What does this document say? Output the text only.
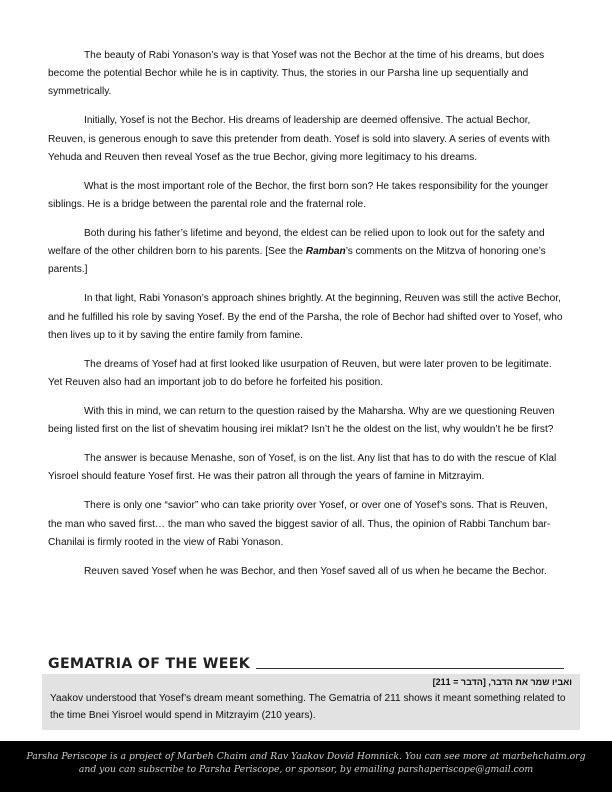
The beauty of Rabi Yonason’s way is that Yosef was not the Bechor at the time of his dreams, but does become the potential Bechor while he is in captivity. Thus, the stories in our Parsha line up sequentially and symmetrically.

Initially, Yosef is not the Bechor. His dreams of leadership are deemed offensive. The actual Bechor, Reuven, is generous enough to save this pretender from death. Yosef is sold into slavery. A series of events with Yehuda and Reuven then reveal Yosef as the true Bechor, giving more legitimacy to his dreams.

What is the most important role of the Bechor, the first born son? He takes responsibility for the younger siblings. He is a bridge between the parental role and the fraternal role.

Both during his father’s lifetime and beyond, the eldest can be relied upon to look out for the safety and welfare of the other children born to his parents. [See the Ramban’s comments on the Mitzva of honoring one’s parents.]

In that light, Rabi Yonason’s approach shines brightly. At the beginning, Reuven was still the active Bechor, and he fulfilled his role by saving Yosef. By the end of the Parsha, the role of Bechor had shifted over to Yosef, who then lives up to it by saving the entire family from famine.

The dreams of Yosef had at first looked like usurpation of Reuven, but were later proven to be legitimate. Yet Reuven also had an important job to do before he forfeited his position.

With this in mind, we can return to the question raised by the Maharsha. Why are we questioning Reuven being listed first on the list of shevatim housing irei miklat? Isn’t he the oldest on the list, why wouldn’t he be first?

The answer is because Menashe, son of Yosef, is on the list. Any list that has to do with the rescue of Klal Yisroel should feature Yosef first. He was their patron all through the years of famine in Mitzrayim.

There is only one “savior” who can take priority over Yosef, or over one of Yosef’s sons. That is Reuven, the man who saved first… the man who saved the biggest savior of all. Thus, the opinion of Rabbi Tanchum bar-Chanilai is firmly rooted in the view of Rabi Yonason.

Reuven saved Yosef when he was Bechor, and then Yosef saved all of us when he became the Bechor.

GEMATRIA OF THE WEEK
ואביו שמר את הדבר, [הדבר = 211]
Yaakov understood that Yosef’s dream meant something. The Gematria of 211 shows it meant something related to the time Bnei Yisroel would spend in Mitzrayim (210 years).
Parsha Periscope is a project of Marbeh Chaim and Rav Yaakov Dovid Homnick. You can see more at marbehchaim.org
and you can subscribe to Parsha Periscope, or sponsor, by emailing parshaperiscope@gmail.com
